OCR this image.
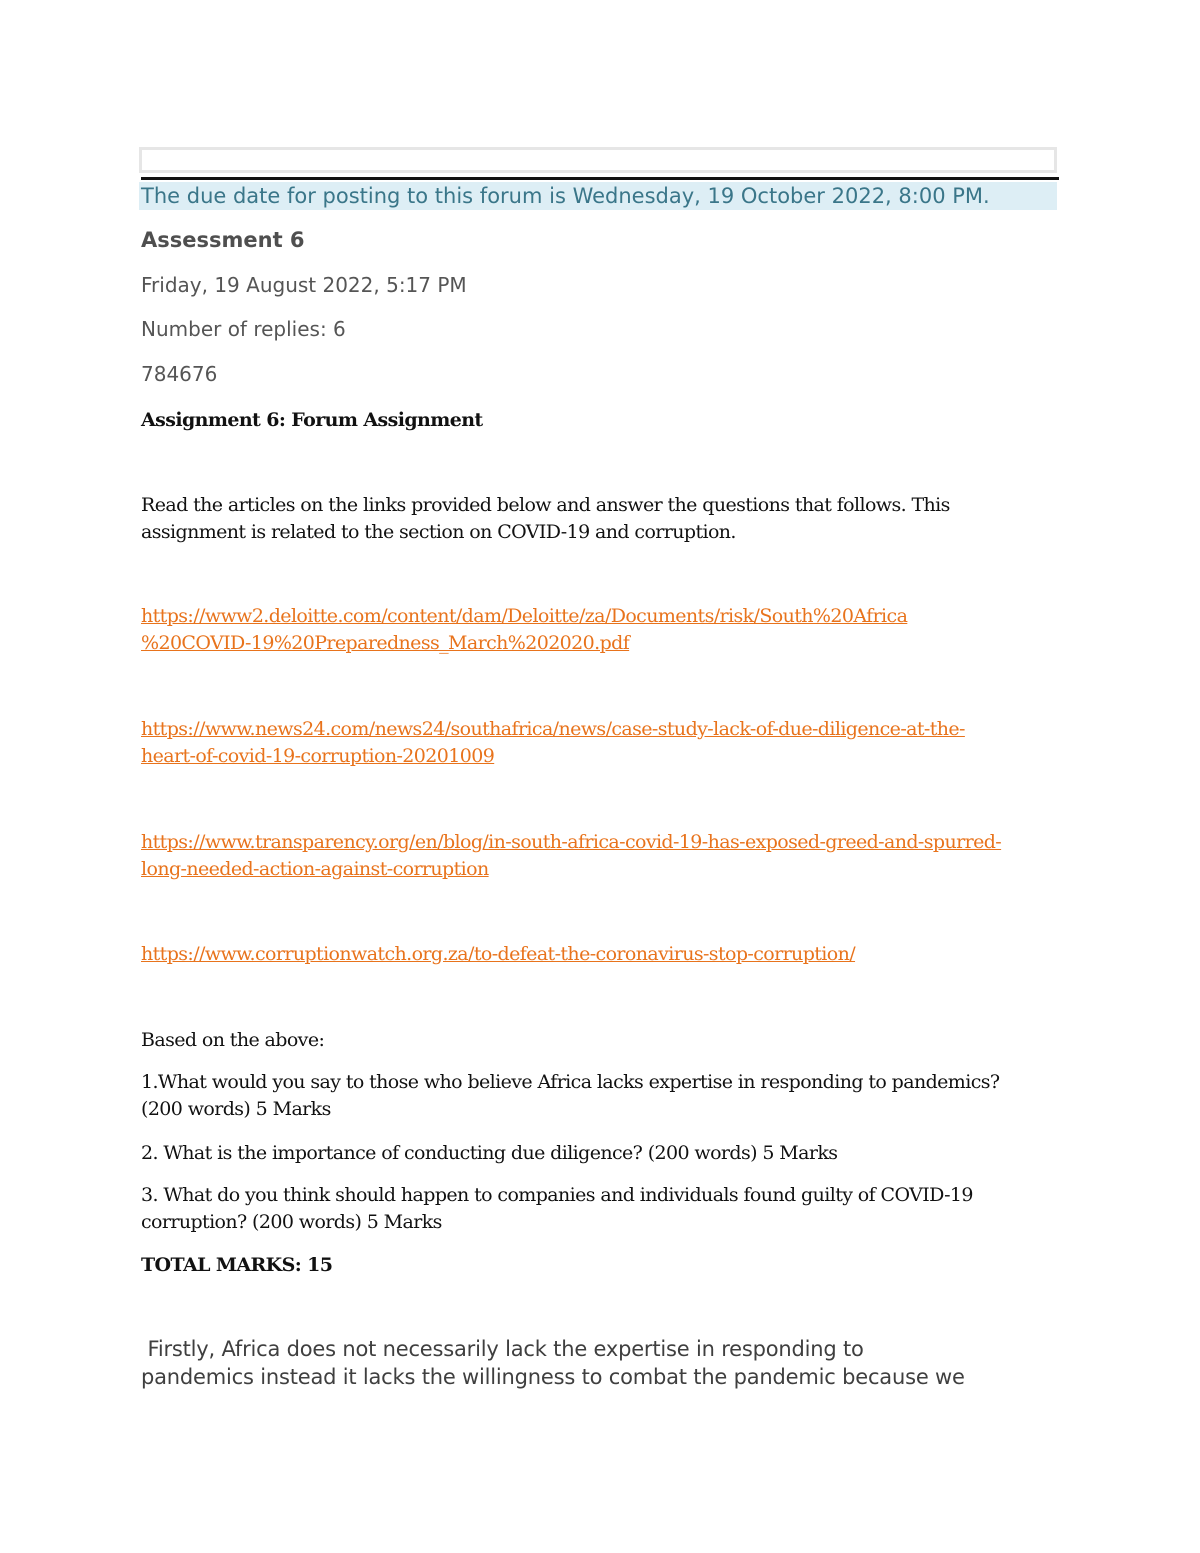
The due date for posting to this forum is Wednesday, 19 October 2022, 8:00 PM.
Assessment 6
Friday, 19 August 2022, 5:17 PM
Number of replies: 6
784676
Assignment 6: Forum Assignment
Read the articles on the links provided below and answer the questions that follows. This
assignment is related to the section on COVID-19 and corruption.
https://www2.deloitte.com/content/dam/Deloitte/za/Documents/risk/South%20Africa
%20COVID-19%20Preparedness_March%202020.pdf
https://www.news24.com/news24/southafrica/news/case-study-lack-of-due-diligence-at-the-
heart-of-covid-19-corruption-20201009
https://www.transparency.org/en/blog/in-south-africa-covid-19-has-exposed-greed-and-spurred-
long-needed-action-against-corruption
https://www.corruptionwatch.org.za/to-defeat-the-coronavirus-stop-corruption/
Based on the above:
1.What would you say to those who believe Africa lacks expertise in responding to pandemics?
(200 words) 5 Marks
2. What is the importance of conducting due diligence? (200 words) 5 Marks
3. What do you think should happen to companies and individuals found guilty of COVID-19
corruption? (200 words) 5 Marks
TOTAL MARKS: 15
Firstly, Africa does not necessarily lack the expertise in responding to
pandemics instead it lacks the willingness to combat the pandemic because we
